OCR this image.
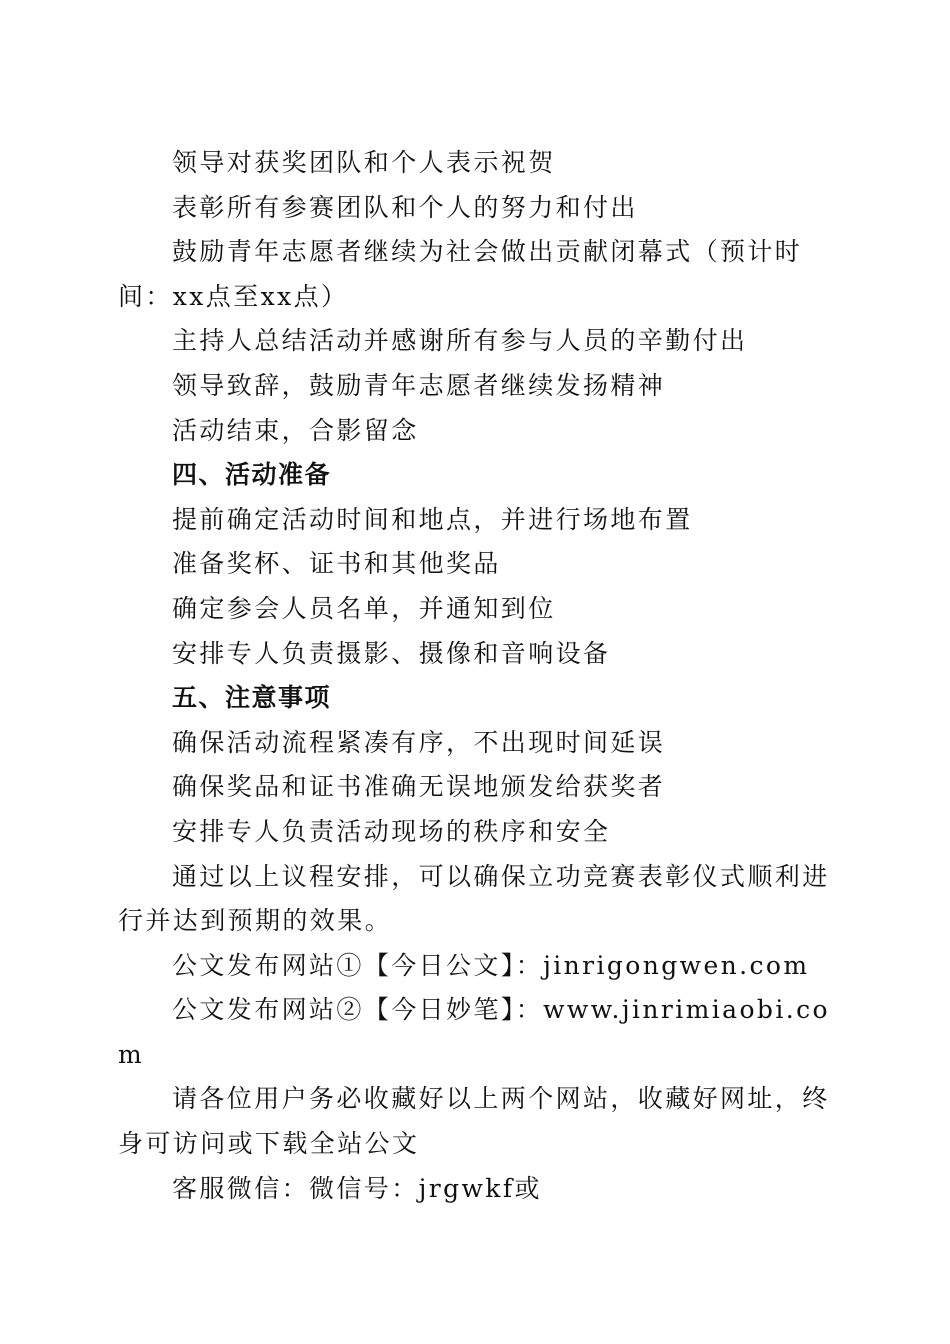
领导对获奖团队和个人表示祝贺

表彰所有参赛团队和个人的努力和付出

鼓励青年志愿者继续为社会做出贡献闭幕式（预计时间：xx点至xx点）

主持人总结活动并感谢所有参与人员的辛勤付出

领导致辞，鼓励青年志愿者继续发扬精神

活动结束，合影留念

四、活动准备

提前确定活动时间和地点，并进行场地布置

准备奖杯、证书和其他奖品

确定参会人员名单，并通知到位

安排专人负责摄影、摄像和音响设备

五、注意事项

确保活动流程紧凑有序，不出现时间延误

确保奖品和证书准确无误地颁发给获奖者

安排专人负责活动现场的秩序和安全

通过以上议程安排，可以确保立功竞赛表彰仪式顺利进行并达到预期的效果。

公文发布网站①【今日公文】：jinrigongwen.com

公文发布网站②【今日妙笔】：www.jinrimiaobi.com

请各位用户务必收藏好以上两个网站，收藏好网址，终身可访问或下载全站公文

客服微信：微信号：jrgwkf或
